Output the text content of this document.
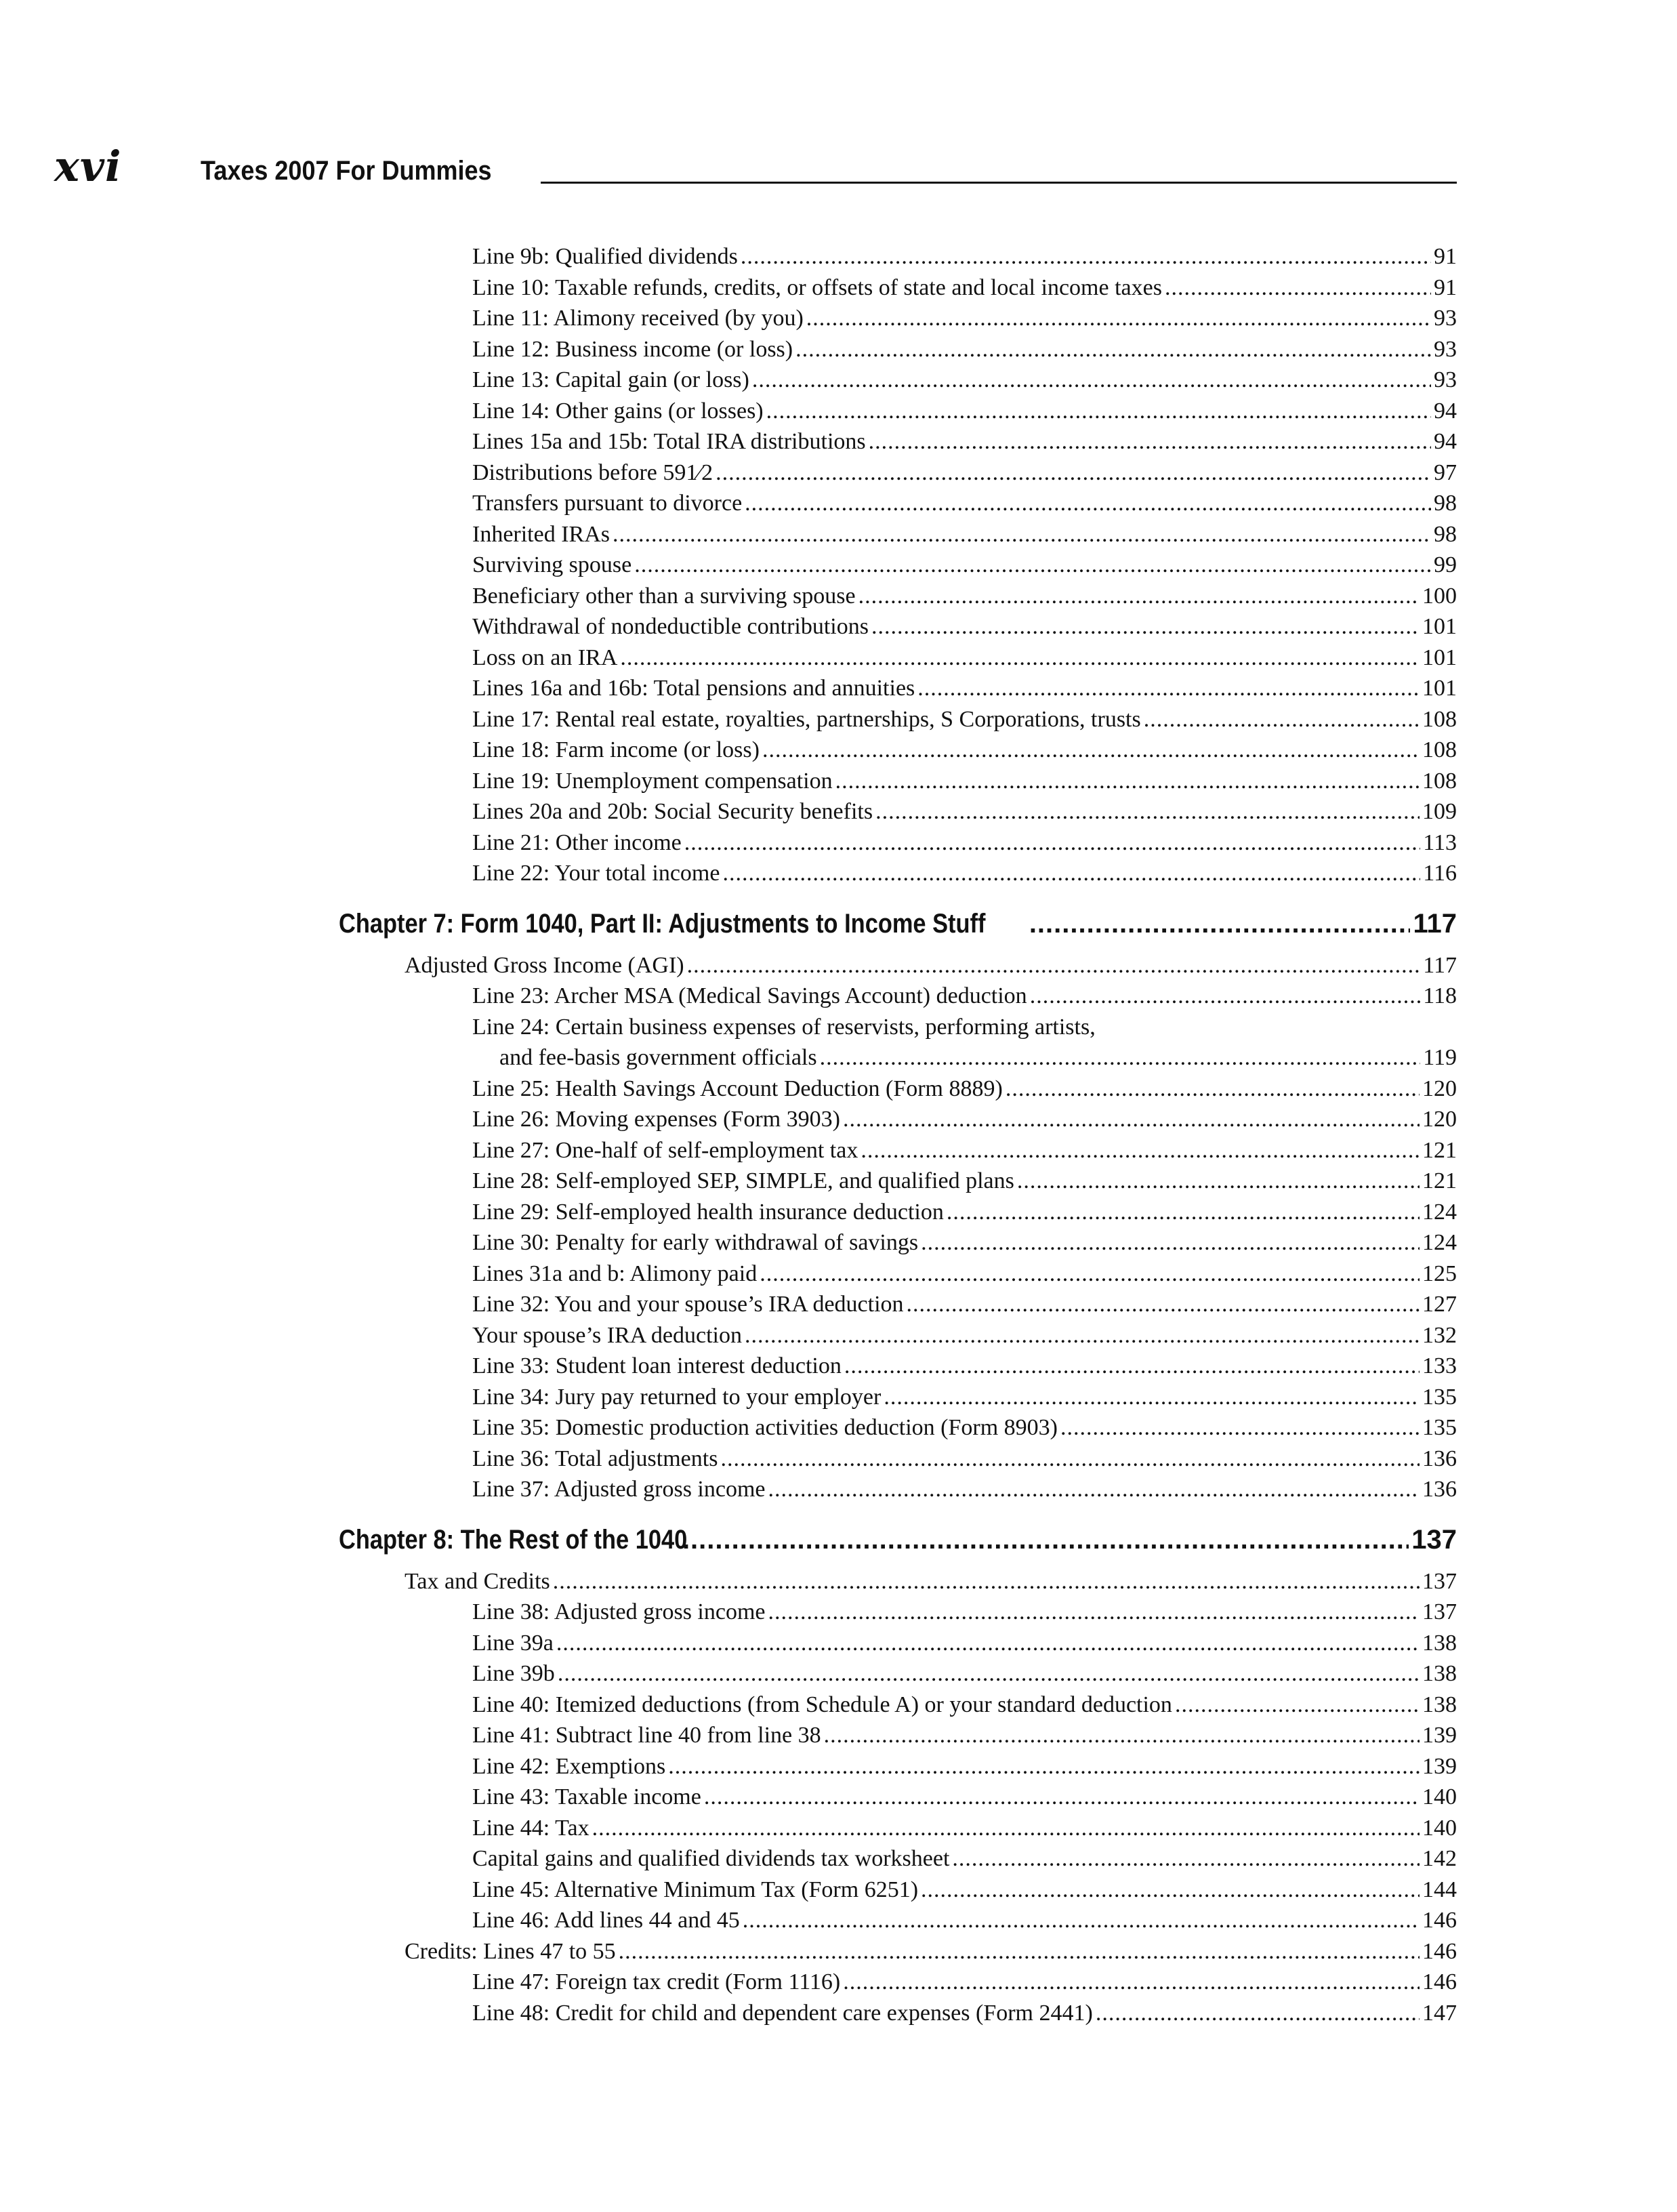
xvi	Taxes 2007 For Dummies
Line 9b: Qualified dividends .....	91
Line 10: Taxable refunds, credits, or offsets of state and local income taxes .....	91
Line 11: Alimony received (by you) .....	93
Line 12: Business income (or loss) .....	93
Line 13: Capital gain (or loss) .....	93
Line 14: Other gains (or losses) .....	94
Lines 15a and 15b: Total IRA distributions .....	94
Distributions before 591⁄2 .....	97
Transfers pursuant to divorce .....	98
Inherited IRAs .....	98
Surviving spouse .....	99
Beneficiary other than a surviving spouse .....	100
Withdrawal of nondeductible contributions .....	101
Loss on an IRA .....	101
Lines 16a and 16b: Total pensions and annuities .....	101
Line 17: Rental real estate, royalties, partnerships, S Corporations, trusts .....	108
Line 18: Farm income (or loss) .....	108
Line 19: Unemployment compensation .....	108
Lines 20a and 20b: Social Security benefits .....	109
Line 21: Other income .....	113
Line 22: Your total income .....	116
Chapter 7: Form 1040, Part II: Adjustments to Income Stuff .....	117
Adjusted Gross Income (AGI) .....	117
Line 23: Archer MSA (Medical Savings Account) deduction .....	118
Line 24: Certain business expenses of reservists, performing artists,
and fee-basis government officials .....	119
Line 25: Health Savings Account Deduction (Form 8889) .....	120
Line 26: Moving expenses (Form 3903) .....	120
Line 27: One-half of self-employment tax .....	121
Line 28: Self-employed SEP, SIMPLE, and qualified plans .....	121
Line 29: Self-employed health insurance deduction .....	124
Line 30: Penalty for early withdrawal of savings .....	124
Lines 31a and b: Alimony paid .....	125
Line 32: You and your spouse’s IRA deduction .....	127
Your spouse’s IRA deduction .....	132
Line 33: Student loan interest deduction .....	133
Line 34: Jury pay returned to your employer .....	135
Line 35: Domestic production activities deduction (Form 8903) .....	135
Line 36: Total adjustments .....	136
Line 37: Adjusted gross income .....	136
Chapter 8: The Rest of the 1040 .....	137
Tax and Credits .....	137
Line 38: Adjusted gross income .....	137
Line 39a .....	138
Line 39b .....	138
Line 40: Itemized deductions (from Schedule A) or your standard deduction .....	138
Line 41: Subtract line 40 from line 38 .....	139
Line 42: Exemptions .....	139
Line 43: Taxable income .....	140
Line 44: Tax .....	140
Capital gains and qualified dividends tax worksheet .....	142
Line 45: Alternative Minimum Tax (Form 6251) .....	144
Line 46: Add lines 44 and 45 .....	146
Credits: Lines 47 to 55 .....	146
Line 47: Foreign tax credit (Form 1116) .....	146
Line 48: Credit for child and dependent care expenses (Form 2441) .....	147
